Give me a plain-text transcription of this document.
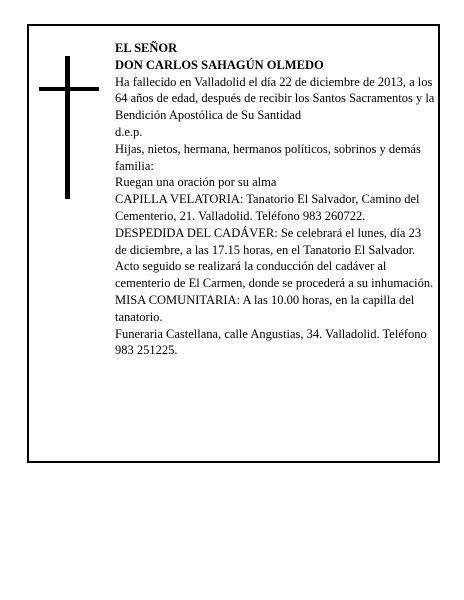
EL SEÑOR
DON CARLOS SAHAGÚN OLMEDO
Ha fallecido en Valladolid el día 22 de diciembre de 2013, a los 64 años de edad, después de recibir los Santos Sacramentos y la Bendición Apostólica de Su Santidad
d.e.p.
Hijas, nietos, hermana, hermanos políticos, sobrinos y demás familia:
Ruegan una oración por su alma
CAPILLA VELATORIA: Tanatorio El Salvador, Camino del Cementerio, 21. Valladolid. Teléfono 983 260722.
DESPEDIDA DEL CADÁVER: Se celebrará el lunes, día 23 de diciembre, a las 17.15 horas, en el Tanatorio El Salvador. Acto seguido se realizará la conducción del cadáver al cementerio de El Carmen, donde se procederá a su inhumación.
MISA COMUNITARIA: A las 10.00 horas, en la capilla del tanatorio.
Funeraria Castellana, calle Angustias, 34. Valladolid. Teléfono 983 251225.
